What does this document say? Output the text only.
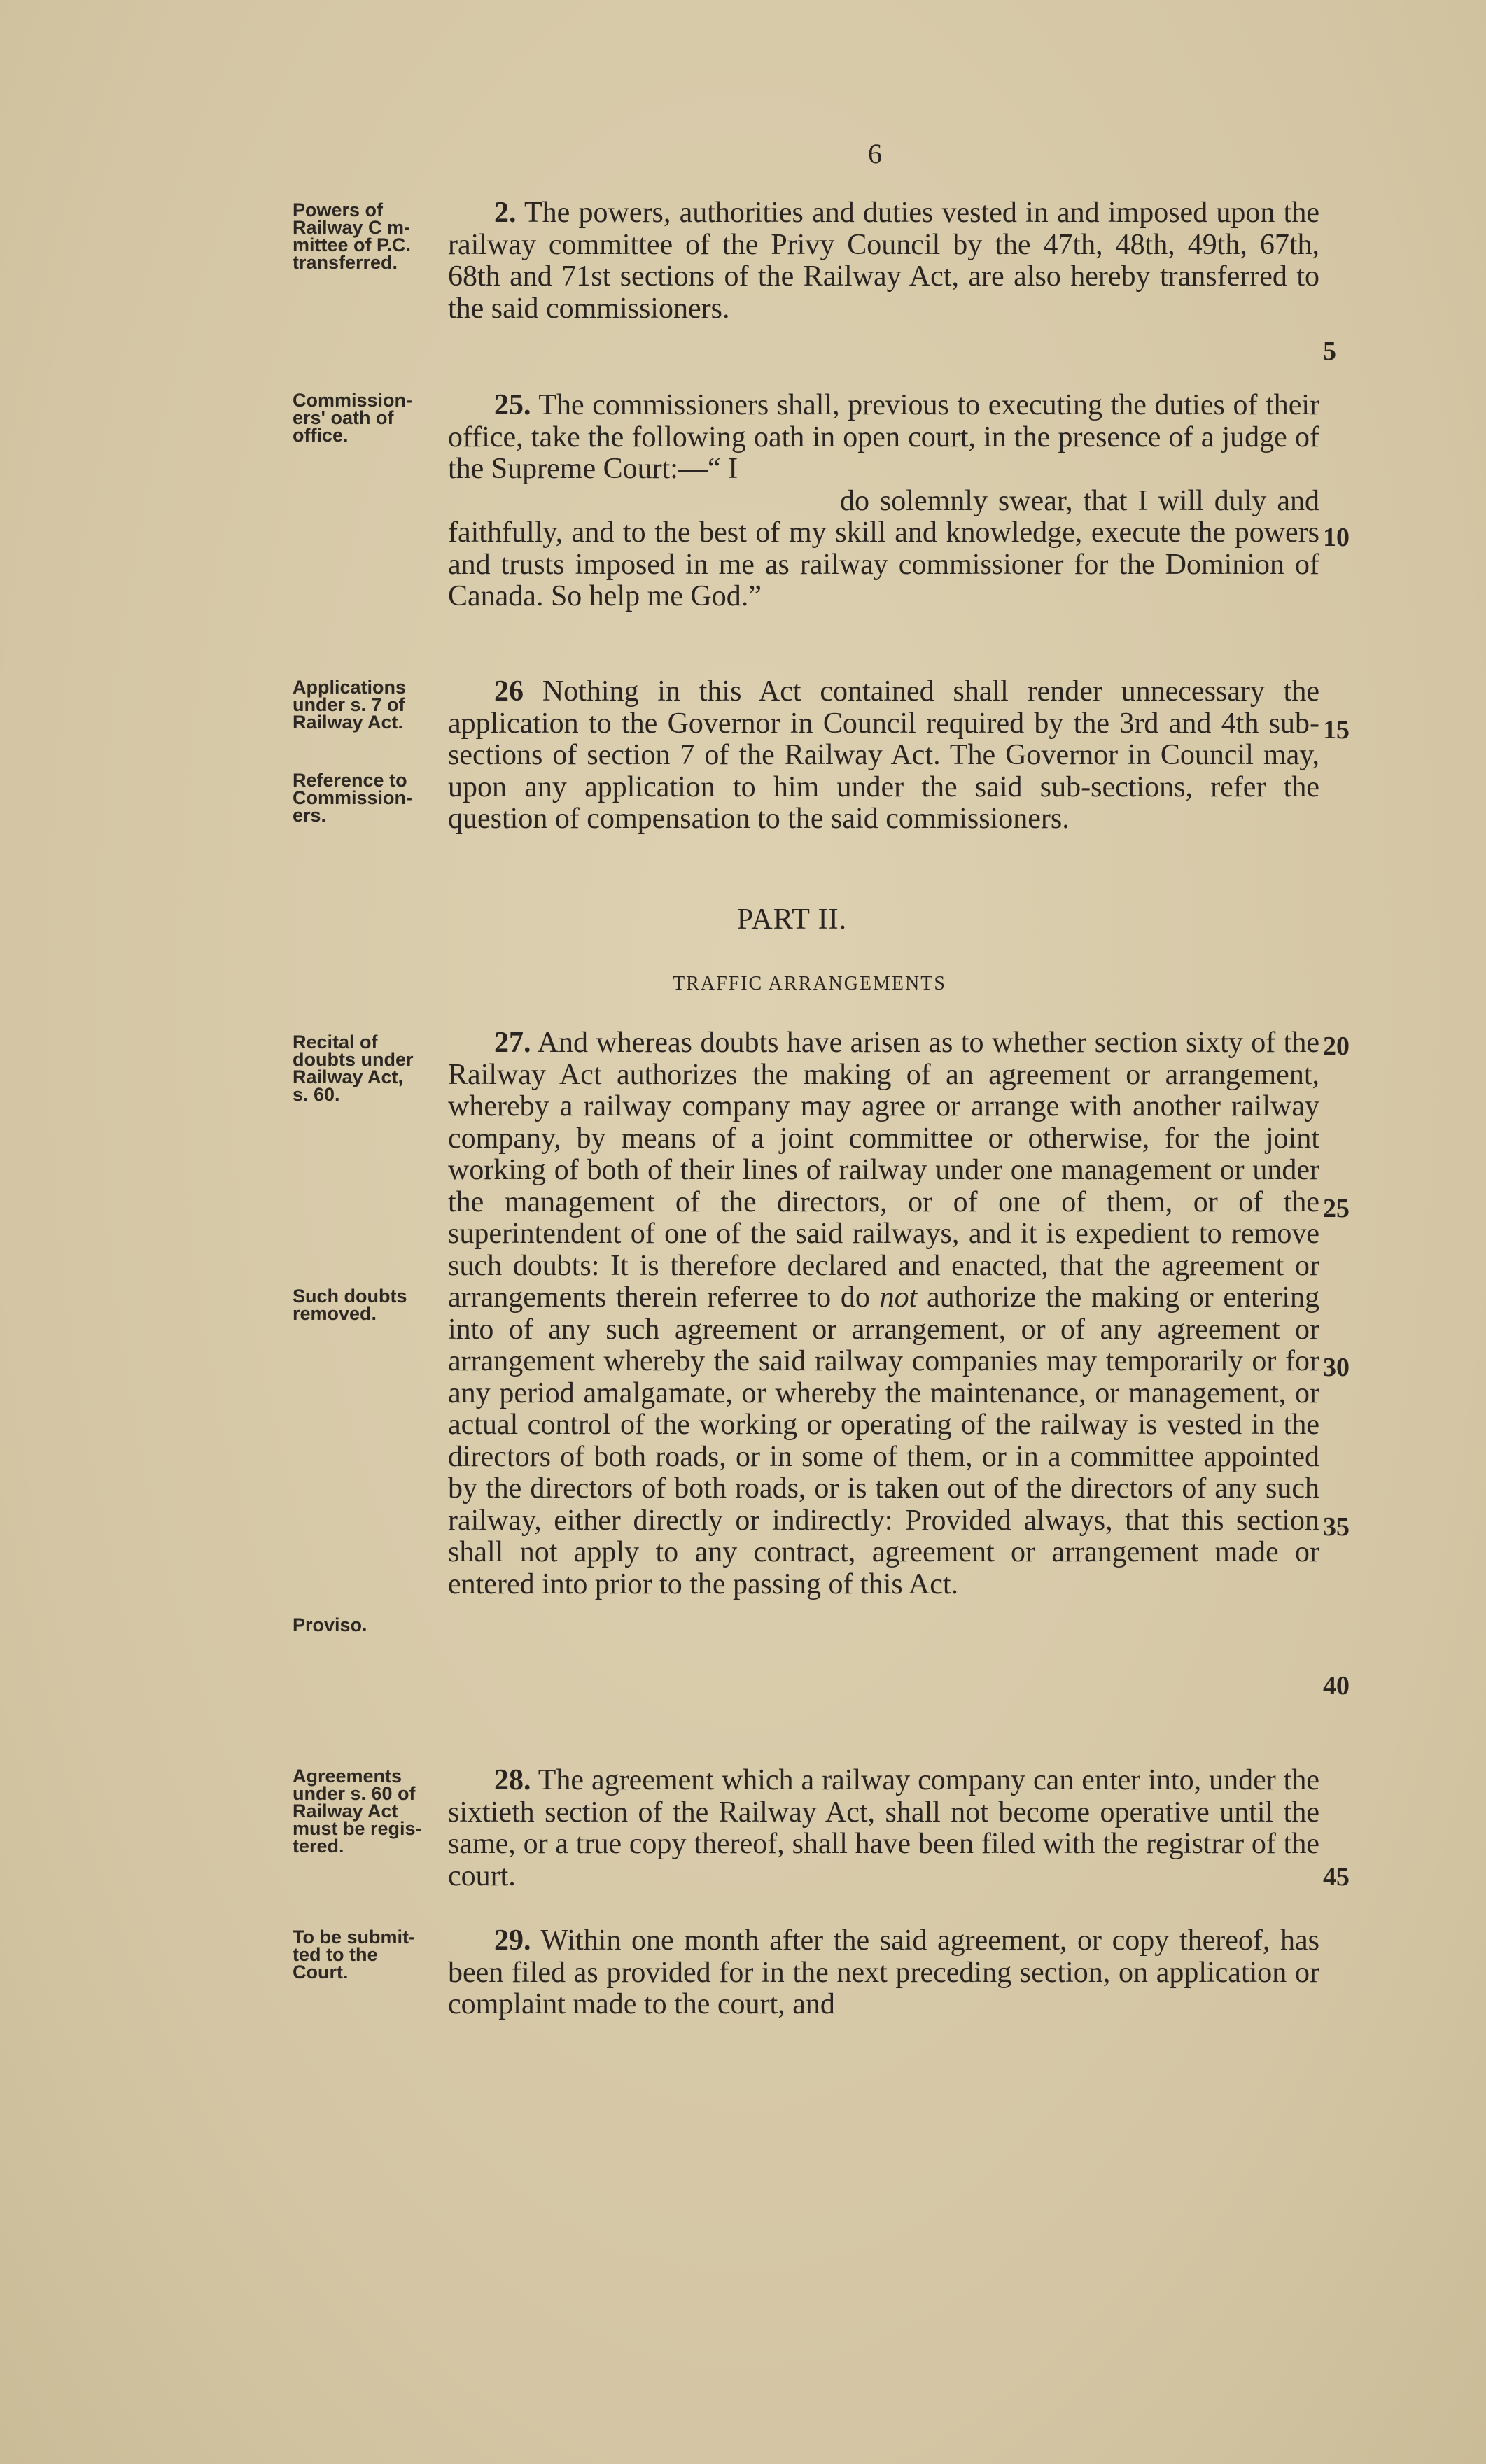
6
Powers of
Railway C m-
mittee of P.C.
transferred.
2. The powers, authorities and duties vested in and imposed upon the railway committee of the Privy Council by the 47th, 48th, 49th, 67th, 68th and 71st sections of the Railway Act, are also hereby transferred to the said commissioners.
5
Commission-
ers' oath of
office.
25. The commissioners shall, previous to executing the duties of their office, take the following oath in open court, in the presence of a judge of the Supreme Court:—“ I
do solemnly swear, that I will duly and faithfully, and to the best of my skill and knowledge, execute the powers and trusts imposed in me as railway commissioner for the Dominion of Canada. So help me God.”
10
Applications
under s. 7 of
Railway Act.
Reference to
Commission-
ers.
26 Nothing in this Act contained shall render unnecessary the application to the Governor in Council required by the 3rd and 4th sub-sections of section 7 of the Railway Act. The Governor in Council may, upon any application to him under the said sub-sections, refer the question of compensation to the said commissioners.
15
PART II.
TRAFFIC ARRANGEMENTS
Recital of
doubts under
Railway Act,
s. 60.
Such doubts
removed.
Proviso.
27. And whereas doubts have arisen as to whether section sixty of the Railway Act authorizes the making of an agreement or arrangement, whereby a railway company may agree or arrange with another railway company, by means of a joint committee or otherwise, for the joint working of both of their lines of railway under one management or under the management of the directors, or of one of them, or of the superintendent of one of the said railways, and it is expedient to remove such doubts: It is therefore declared and enacted, that the agreement or arrangements therein referree to do not authorize the making or entering into of any such agreement or arrangement, or of any agreement or arrangement whereby the said railway companies may temporarily or for any period amalgamate, or whereby the maintenance, or management, or actual control of the working or operating of the railway is vested in the directors of both roads, or in some of them, or in a committee appointed by the directors of both roads, or is taken out of the directors of any such railway, either directly or indirectly: Provided always, that this section shall not apply to any contract, agreement or arrangement made or entered into prior to the passing of this Act.
20
25
30
35
40
Agreements
under s. 60 of
Railway Act
must be regis-
tered.
28. The agreement which a railway company can enter into, under the sixtieth section of the Railway Act, shall not become operative until the same, or a true copy thereof, shall have been filed with the registrar of the court.	45
To be submit-
ted to the
Court.
29. Within one month after the said agreement, or copy thereof, has been filed as provided for in the next preceding section, on application or complaint made to the court, and
